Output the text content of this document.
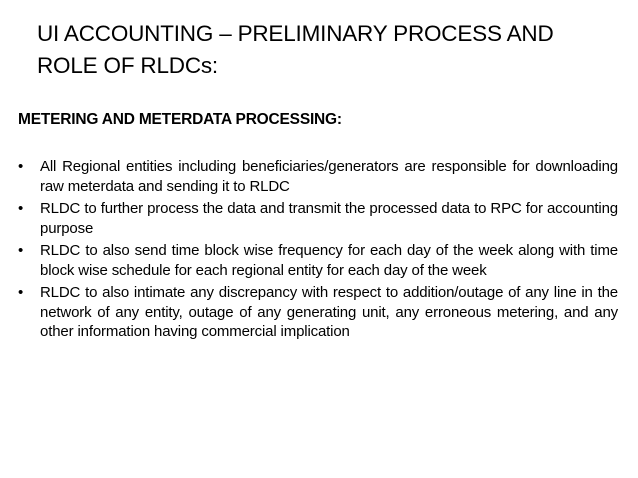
UI ACCOUNTING – PRELIMINARY PROCESS AND
ROLE OF RLDCs:
METERING AND METERDATA PROCESSING:
• All Regional entities including beneficiaries/generators are responsible for downloading raw meterdata and sending it to RLDC
• RLDC to further process the data and transmit the processed data to RPC for accounting purpose
• RLDC to also send time block wise frequency for each day of the week along with time block wise schedule for each regional entity for each day of the week
• RLDC to also intimate any discrepancy with respect to addition/outage of any line in the network of any entity, outage of any generating unit, any erroneous metering, and any other information having commercial implication
